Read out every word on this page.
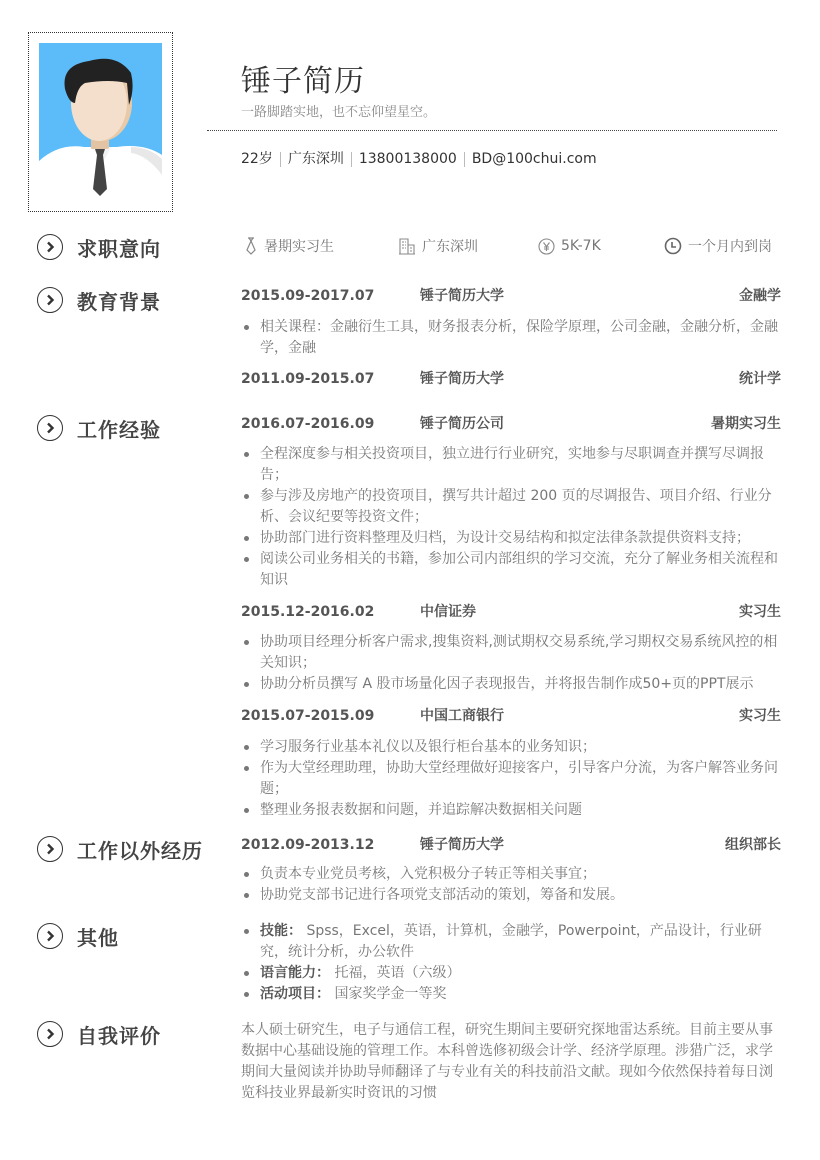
锤子简历
一路脚踏实地，也不忘仰望星空。
22岁 广东深圳 13800138000 BD@100chui.com
求职意向
教育背景
工作经验
工作以外经历
其他
自我评价
暑期实习生	广东深圳	5K-7K	一个月内到岗
2015.09-2017.07	锤子简历大学	金融学
相关课程：金融衍生工具，财务报表分析，保险学原理，公司金融，金融分析，金融学，金融
2011.09-2015.07	锤子简历大学	统计学
2016.07-2016.09	锤子简历公司	暑期实习生
全程深度参与相关投资项目，独立进行行业研究，实地参与尽职调查并撰写尽调报告；
参与涉及房地产的投资项目，撰写共计超过 200 页的尽调报告、项目介绍、行业分析、会议纪要等投资文件；
协助部门进行资料整理及归档，为设计交易结构和拟定法律条款提供资料支持；
阅读公司业务相关的书籍，参加公司内部组织的学习交流，充分了解业务相关流程和知识
2015.12-2016.02	中信证券	实习生
协助项目经理分析客户需求,搜集资料,测试期权交易系统,学习期权交易系统风控的相关知识；
协助分析员撰写 A 股市场量化因子表现报告，并将报告制作成50+页的PPT展示
2015.07-2015.09	中国工商银行	实习生
学习服务行业基本礼仪以及银行柜台基本的业务知识；
作为大堂经理助理，协助大堂经理做好迎接客户，引导客户分流，为客户解答业务问题；
整理业务报表数据和问题，并追踪解决数据相关问题
2012.09-2013.12	锤子简历大学	组织部长
负责本专业党员考核，入党积极分子转正等相关事宜；
协助党支部书记进行各项党支部活动的策划，筹备和发展。
技能： Spss，Excel，英语，计算机，金融学，Powerpoint，产品设计，行业研究，统计分析，办公软件
语言能力： 托福，英语（六级）
活动项目： 国家奖学金一等奖
本人硕士研究生，电子与通信工程，研究生期间主要研究探地雷达系统。目前主要从事数据中心基础设施的管理工作。本科曾选修初级会计学、经济学原理。涉猎广泛，求学期间大量阅读并协助导师翻译了与专业有关的科技前沿文献。现如今依然保持着每日浏览科技业界最新实时资讯的习惯
